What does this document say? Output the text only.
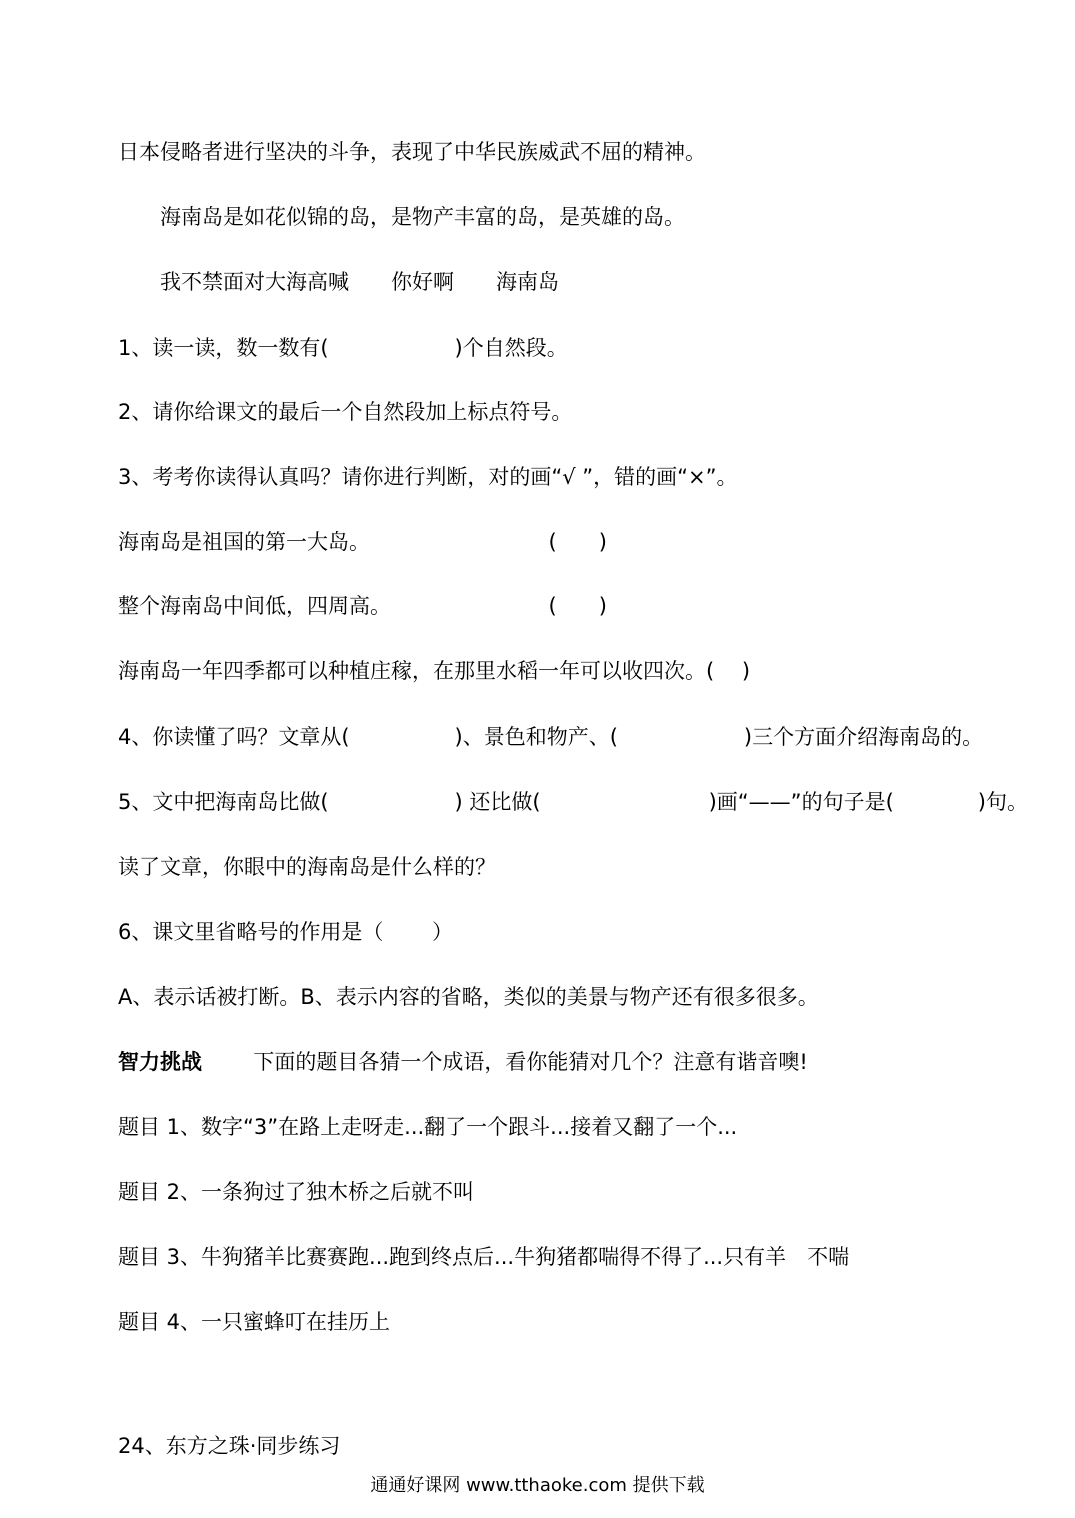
日本侵略者进行坚决的斗争，表现了中华民族威武不屈的精神。
海南岛是如花似锦的岛，是物产丰富的岛，是英雄的岛。
我不禁面对大海高喊　　你好啊　　海南岛
1、读一读，数一数有(　　　　　　)个自然段。
2、请你给课文的最后一个自然段加上标点符号。
3、考考你读得认真吗？请你进行判断，对的画“√ ”，错的画“×”。
海南岛是祖国的第一大岛。　　　　　　　　　(　　)
整个海南岛中间低，四周高。　　　　　　　　(　　)
海南岛一年四季都可以种植庄稼，在那里水稻一年可以收四次。(　 )
4、你读懂了吗？文章从(　　　　　)、景色和物产、(　　　　　　)三个方面介绍海南岛的。
5、文中把海南岛比做(　　　　　　) 还比做(　　　　　　　　)画“——”的句子是(　　　　)句。
读了文章，你眼中的海南岛是什么样的？
6、课文里省略号的作用是（　　 ）
A、表示话被打断。B、表示内容的省略，类似的美景与物产还有很多很多。
智力挑战 下面的题目各猜一个成语，看你能猜对几个？注意有谐音噢!
题目 1、数字“3”在路上走呀走...翻了一个跟斗...接着又翻了一个...
题目 2、一条狗过了独木桥之后就不叫
题目 3、牛狗猪羊比赛赛跑...跑到终点后...牛狗猪都喘得不得了...只有羊　不喘
题目 4、一只蜜蜂叮在挂历上
24、东方之珠·同步练习
通通好课网 www.tthaoke.com 提供下载
